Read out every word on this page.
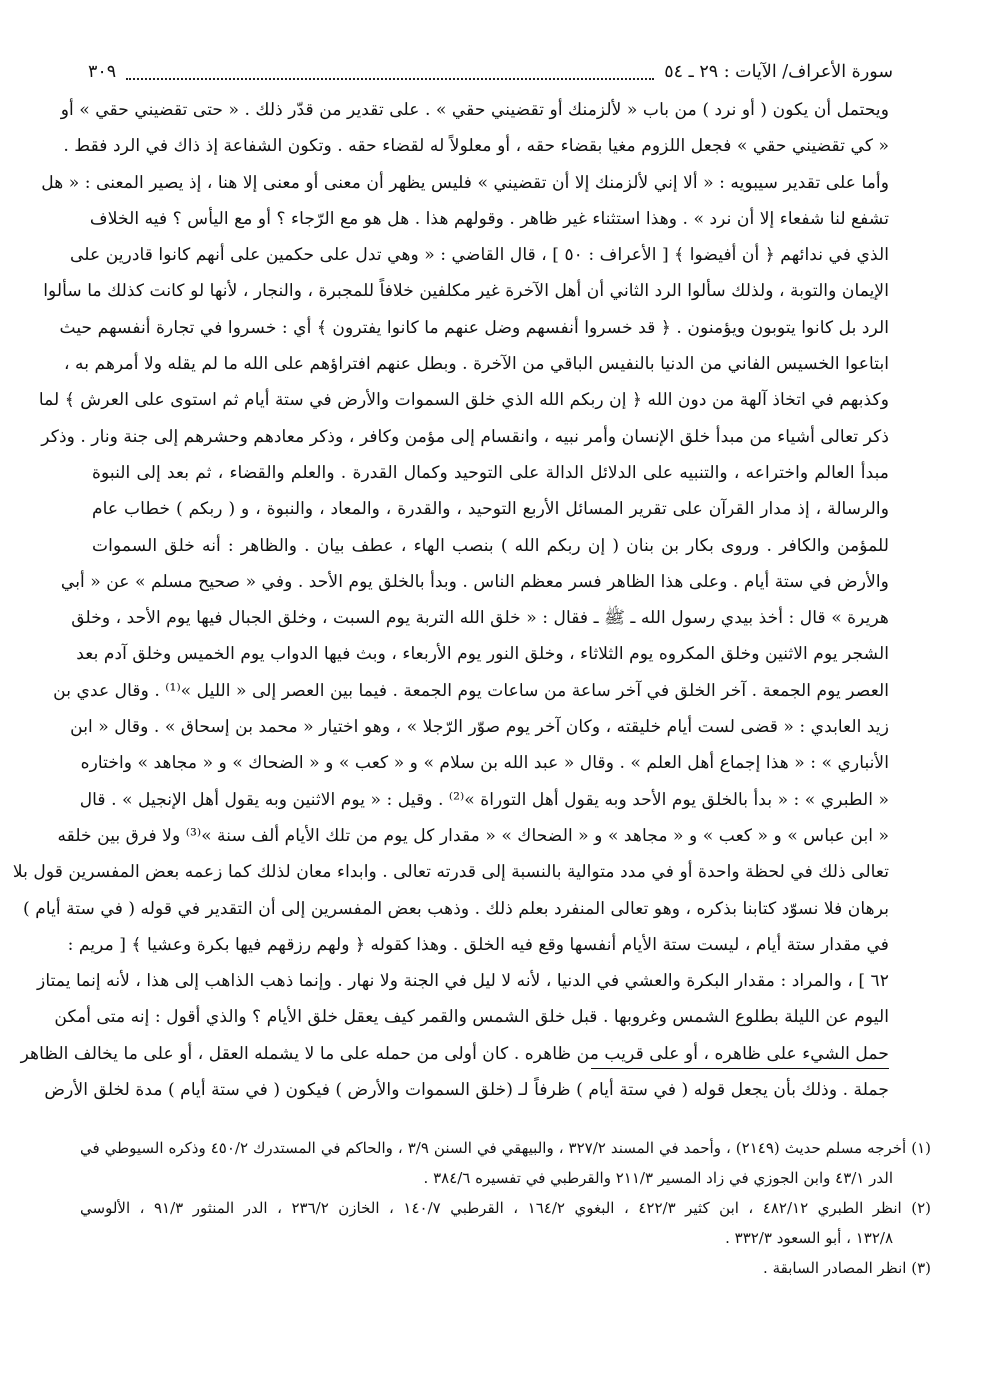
سورة الأعراف/ الآيات : ٢٩ ـ ٥٤
٣٠٩
ويحتمل أن يكون ( أو نرد ) من باب « لألزمنك أو تقضيني حقي » . على تقدير من قدّر ذلك . « حتى تقضيني حقي » أو
« كي تقضيني حقي » فجعل اللزوم مغيا بقضاء حقه ، أو معلولاً له لقضاء حقه . وتكون الشفاعة إذ ذاك في الرد فقط .
وأما على تقدير سيبويه : « ألا إني لألزمنك إلا أن تقضيني » فليس يظهر أن معنى أو معنى إلا هنا ، إذ يصير المعنى : « هل
تشفع لنا شفعاء إلا أن نرد » . وهذا استثناء غير ظاهر . وقولهم هذا . هل هو مع الرّجاء ؟ أو مع اليأس ؟ فيه الخلاف
الذي في ندائهم ﴿ أن أفيضوا ﴾ [ الأعراف : ٥٠ ] ، قال القاضي : « وهي تدل على حكمين على أنهم كانوا قادرين على
الإيمان والتوبة ، ولذلك سألوا الرد الثاني أن أهل الآخرة غير مكلفين خلافاً للمجبرة ، والنجار ، لأنها لو كانت كذلك ما سألوا
الرد بل كانوا يتوبون ويؤمنون . ﴿ قد خسروا أنفسهم وضل عنهم ما كانوا يفترون ﴾ أي : خسروا في تجارة أنفسهم حيث
ابتاعوا الخسيس الفاني من الدنيا بالنفيس الباقي من الآخرة . وبطل عنهم افتراؤهم على الله ما لم يقله ولا أمرهم به ،
وكذبهم في اتخاذ آلهة من دون الله ﴿ إن ربكم الله الذي خلق السموات والأرض في ستة أيام ثم استوى على العرش ﴾ لما
ذكر تعالى أشياء من مبدأ خلق الإنسان وأمر نبيه ، وانقسام إلى مؤمن وكافر ، وذكر معادهم وحشرهم إلى جنة ونار . وذكر
مبدأ العالم واختراعه ، والتنبيه على الدلائل الدالة على التوحيد وكمال القدرة . والعلم والقضاء ، ثم بعد إلى النبوة
والرسالة ، إذ مدار القرآن على تقرير المسائل الأربع التوحيد ، والقدرة ، والمعاد ، والنبوة ، و ( ربكم ) خطاب عام
للمؤمن والكافر . وروى بكار بن بنان ( إن ربكم الله ) بنصب الهاء ، عطف بيان . والظاهر : أنه خلق السموات
والأرض في ستة أيام . وعلى هذا الظاهر فسر معظم الناس . وبدأ بالخلق يوم الأحد . وفي « صحيح مسلم » عن « أبي
هريرة » قال : أخذ بيدي رسول الله ـ ﷺ ـ فقال : « خلق الله التربة يوم السبت ، وخلق الجبال فيها يوم الأحد ، وخلق
الشجر يوم الاثنين وخلق المكروه يوم الثلاثاء ، وخلق النور يوم الأربعاء ، وبث فيها الدواب يوم الخميس وخلق آدم بعد
العصر يوم الجمعة . آخر الخلق في آخر ساعة من ساعات يوم الجمعة . فيما بين العصر إلى « الليل »⁽¹⁾ . وقال عدي بن
زيد العابدي : « قضى لست أيام خليقته ، وكان آخر يوم صوّر الرّجلا » ، وهو اختيار « محمد بن إسحاق » . وقال « ابن
الأنباري » : « هذا إجماع أهل العلم » . وقال « عبد الله بن سلام » و « كعب » و « الضحاك » و « مجاهد » واختاره
« الطبري » : « بدأ بالخلق يوم الأحد وبه يقول أهل التوراة »⁽²⁾ . وقيل : « يوم الاثنين وبه يقول أهل الإنجيل » . قال
« ابن عباس » و « كعب » و « مجاهد » و « الضحاك » « مقدار كل يوم من تلك الأيام ألف سنة »⁽³⁾ ولا فرق بين خلقه
تعالى ذلك في لحظة واحدة أو في مدد متوالية بالنسبة إلى قدرته تعالى . وابداء معان لذلك كما زعمه بعض المفسرين قول بلا
برهان فلا نسوّد كتابنا بذكره ، وهو تعالى المنفرد بعلم ذلك . وذهب بعض المفسرين إلى أن التقدير في قوله ( في ستة أيام )
في مقدار ستة أيام ، ليست ستة الأيام أنفسها وقع فيه الخلق . وهذا كقوله ﴿ ولهم رزقهم فيها بكرة وعشيا ﴾ [ مريم :
٦٢ ] ، والمراد : مقدار البكرة والعشي في الدنيا ، لأنه لا ليل في الجنة ولا نهار . وإنما ذهب الذاهب إلى هذا ، لأنه إنما يمتاز
اليوم عن الليلة بطلوع الشمس وغروبها . قبل خلق الشمس والقمر كيف يعقل خلق الأيام ؟ والذي أقول : إنه متى أمكن
حمل الشيء على ظاهره ، أو على قريب من ظاهره . كان أولى من حمله على ما لا يشمله العقل ، أو على ما يخالف الظاهر
جملة . وذلك بأن يجعل قوله ( في ستة أيام ) ظرفاً لـ (خلق السموات والأرض ) فيكون ( في ستة أيام ) مدة لخلق الأرض
(١) أخرجه مسلم حديث (٢١٤٩) ، وأحمد في المسند ٣٢٧/٢ ، والبيهقي في السنن ٣/٩ ، والحاكم في المستدرك ٤٥٠/٢ وذكره السيوطي في
الدر ٤٣/١ وابن الجوزي في زاد المسير ٢١١/٣ والقرطبي في تفسيره ٣٨٤/٦ .
(٢) انظر الطبري ٤٨٢/١٢ ، ابن كثير ٤٢٢/٣ ، البغوي ١٦٤/٢ ، القرطبي ١٤٠/٧ ، الخازن ٢٣٦/٢ ، الدر المنثور ٩١/٣ ، الألوسي
١٣٢/٨ ، أبو السعود ٣٣٢/٣ .
(٣) انظر المصادر السابقة .
